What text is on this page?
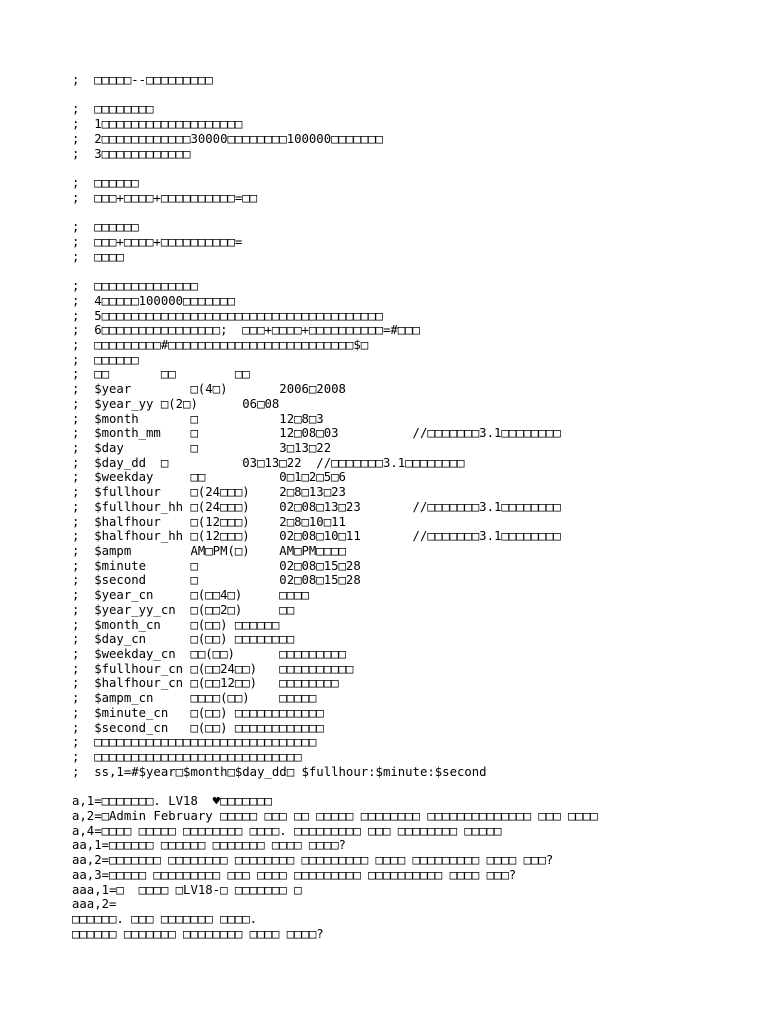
;  □□□□□--□□□□□□□□□
;  □□□□□□□□
;  1□□□□□□□□□□□□□□□□□□□
;  2□□□□□□□□□□□□30000□□□□□□□□100000□□□□□□□
;  3□□□□□□□□□□□□
;  □□□□□□
;  □□□+□□□□+□□□□□□□□□□=□□
;  □□□□□□
;  □□□+□□□□+□□□□□□□□□□=
;  □□□□
;  □□□□□□□□□□□□□□
;  4□□□□□100000□□□□□□□
;  5□□□□□□□□□□□□□□□□□□□□□□□□□□□□□□□□□□□□□□
;  6□□□□□□□□□□□□□□□□;  □□□+□□□□+□□□□□□□□□□=#□□□
;  □□□□□□□□□#□□□□□□□□□□□□□□□□□□□□□□□□□$□
;  □□□□□□
;  □□       □□        □□
;  $year        □(4□)       2006□2008
;  $year_yy □(2□)      06□08
;  $month       □           12□8□3
;  $month_mm    □           12□08□03          //□□□□□□□3.1□□□□□□□□
;  $day         □           3□13□22
;  $day_dd  □          03□13□22  //□□□□□□□3.1□□□□□□□□
;  $weekday     □□          0□1□2□5□6
;  $fullhour    □(24□□□)    2□8□13□23
;  $fullhour_hh □(24□□□)    02□08□13□23       //□□□□□□□3.1□□□□□□□□
;  $halfhour    □(12□□□)    2□8□10□11
;  $halfhour_hh □(12□□□)    02□08□10□11       //□□□□□□□3.1□□□□□□□□
;  $ampm        AM□PM(□)    AM□PM□□□□
;  $minute      □           02□08□15□28
;  $second      □           02□08□15□28
;  $year_cn     □(□□4□)     □□□□
;  $year_yy_cn  □(□□2□)     □□
;  $month_cn    □(□□) □□□□□□
;  $day_cn      □(□□) □□□□□□□□
;  $weekday_cn  □□(□□)      □□□□□□□□□
;  $fullhour_cn □(□□24□□)   □□□□□□□□□□
;  $halfhour_cn □(□□12□□)   □□□□□□□□
;  $ampm_cn     □□□□(□□)    □□□□□
;  $minute_cn   □(□□) □□□□□□□□□□□□
;  $second_cn   □(□□) □□□□□□□□□□□□
;  □□□□□□□□□□□□□□□□□□□□□□□□□□□□□□
;  □□□□□□□□□□□□□□□□□□□□□□□□□□□□
;  ss,1=#$year□$month□$day_dd□ $fullhour:$minute:$second
a,1=□□□□□□□. LV18  ♥□□□□□□□
a,2=□Admin February □□□□□ □□□ □□ □□□□□ □□□□□□□□ □□□□□□□□□□□□□□ □□□ □□□□
a,4=□□□□ □□□□□ □□□□□□□□ □□□□. □□□□□□□□□ □□□ □□□□□□□□ □□□□□
aa,1=□□□□□□ □□□□□□ □□□□□□□ □□□□ □□□□?
aa,2=□□□□□□□ □□□□□□□□ □□□□□□□□ □□□□□□□□□ □□□□ □□□□□□□□□ □□□□ □□□?
aa,3=□□□□□ □□□□□□□□□ □□□ □□□□ □□□□□□□□□ □□□□□□□□□□ □□□□ □□□?
aaa,1=□  □□□□ □LV18-□ □□□□□□□ □
aaa,2=
□□□□□□. □□□ □□□□□□□ □□□□.
□□□□□□ □□□□□□□ □□□□□□□□ □□□□ □□□□?
